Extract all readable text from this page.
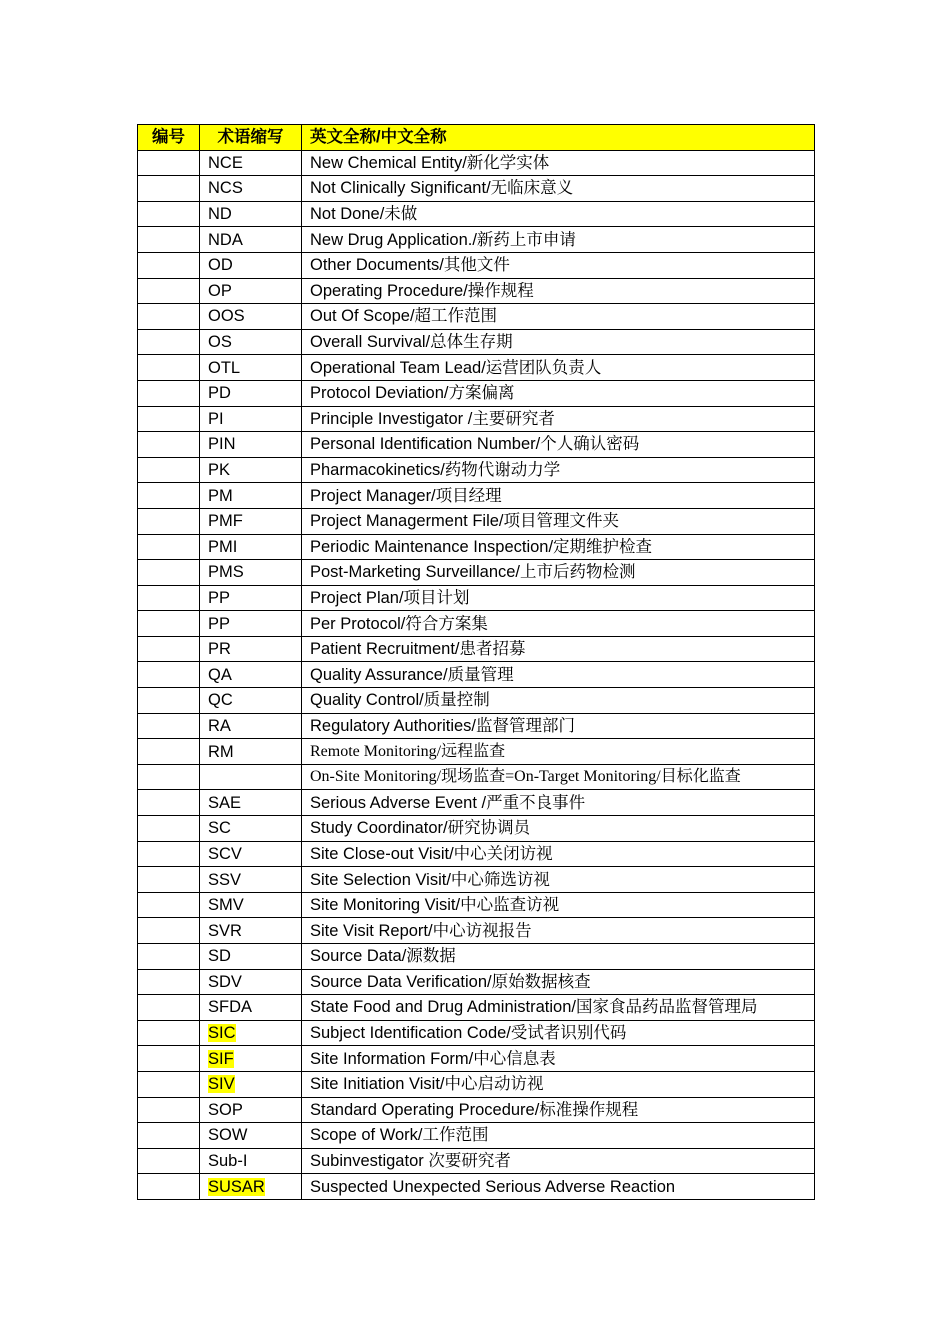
编号	术语缩写	英文全称/中文全称
	NCE	New Chemical Entity/新化学实体
	NCS	Not Clinically Significant/无临床意义
	ND	Not Done/未做
	NDA	New Drug Application./新药上市申请
	OD	Other Documents/其他文件
	OP	Operating Procedure/操作规程
	OOS	Out Of Scope/超工作范围
	OS	Overall Survival/总体生存期
	OTL	Operational Team Lead/运营团队负责人
	PD	Protocol Deviation/方案偏离
	PI	Principle Investigator /主要研究者
	PIN	Personal Identification Number/个人确认密码
	PK	Pharmacokinetics/药物代谢动力学
	PM	Project Manager/项目经理
	PMF	Project Managerment File/项目管理文件夹
	PMI	Periodic Maintenance Inspection/定期维护检查
	PMS	Post-Marketing Surveillance/上市后药物检测
	PP	Project Plan/项目计划
	PP	Per Protocol/符合方案集
	PR	Patient Recruitment/患者招募
	QA	Quality Assurance/质量管理
	QC	Quality Control/质量控制
	RA	Regulatory Authorities/监督管理部门
	RM	Remote Monitoring/远程监查
		On-Site Monitoring/现场监查=On-Target Monitoring/目标化监查
	SAE	Serious Adverse Event /严重不良事件
	SC	Study Coordinator/研究协调员
	SCV	Site Close-out Visit/中心关闭访视
	SSV	Site Selection Visit/中心筛选访视
	SMV	Site Monitoring Visit/中心监查访视
	SVR	Site Visit Report/中心访视报告
	SD	Source Data/源数据
	SDV	Source Data Verification/原始数据核查
	SFDA	State Food and Drug Administration/国家食品药品监督管理局
	SIC	Subject Identification Code/受试者识别代码
	SIF	Site Information Form/中心信息表
	SIV	Site Initiation Visit/中心启动访视
	SOP	Standard Operating Procedure/标准操作规程
	SOW	Scope of Work/工作范围
	Sub-I	Subinvestigator 次要研究者
	SUSAR	Suspected Unexpected Serious Adverse Reaction
